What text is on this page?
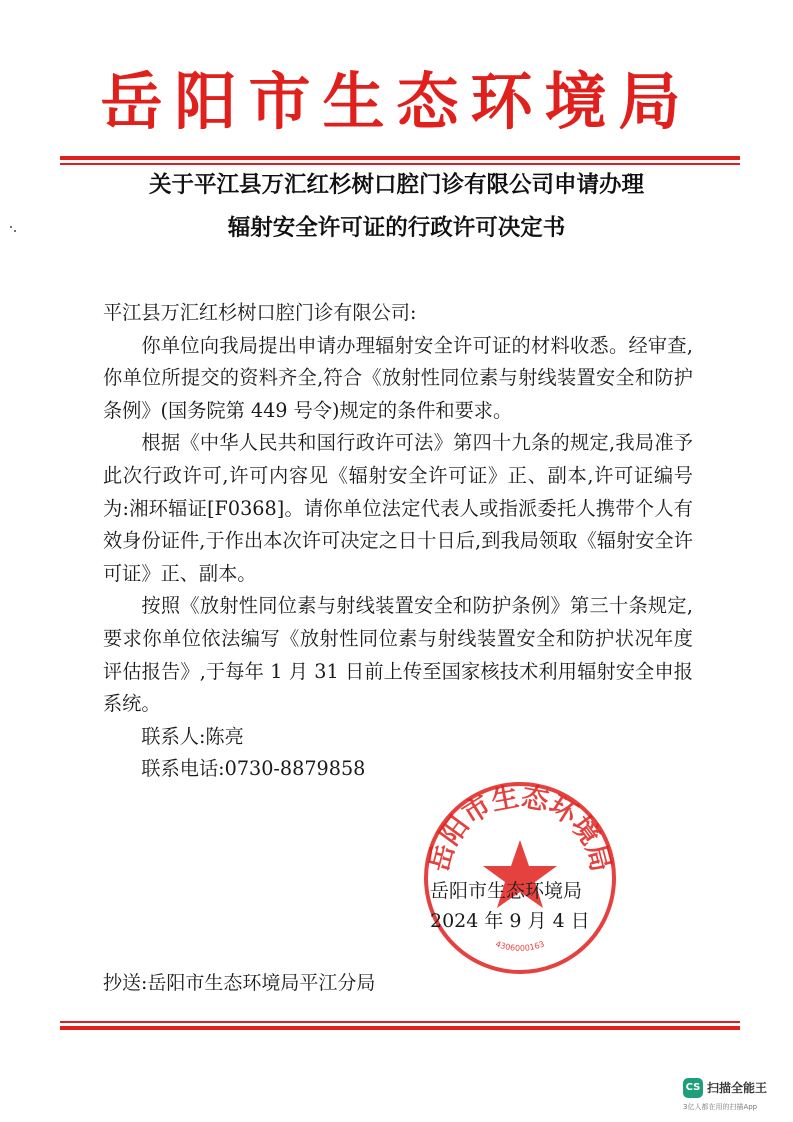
岳阳市生态环境局
关于平江县万汇红杉树口腔门诊有限公司申请办理
辐射安全许可证的行政许可决定书

平江县万汇红杉树口腔门诊有限公司:

你单位向我局提出申请办理辐射安全许可证的材料收悉。经审查,你单位所提交的资料齐全,符合《放射性同位素与射线装置安全和防护条例》(国务院第 449 号令)规定的条件和要求。

根据《中华人民共和国行政许可法》第四十九条的规定,我局准予此次行政许可,许可内容见《辐射安全许可证》正、副本,许可证编号为:湘环辐证[F0368]。请你单位法定代表人或指派委托人携带个人有效身份证件,于作出本次许可决定之日十日后,到我局领取《辐射安全许可证》正、副本。

按照《放射性同位素与射线装置安全和防护条例》第三十条规定,要求你单位依法编写《放射性同位素与射线装置安全和防护状况年度评估报告》,于每年 1 月 31 日前上传至国家核技术利用辐射安全申报系统。

联系人:陈亮

联系电话:0730-8879858

岳阳市生态环境局
4306000163
岳阳市生态环境局
2024 年 9 月 4 日
抄送:岳阳市生态环境局平江分局
CS 扫描全能王
3亿人都在用的扫描App
